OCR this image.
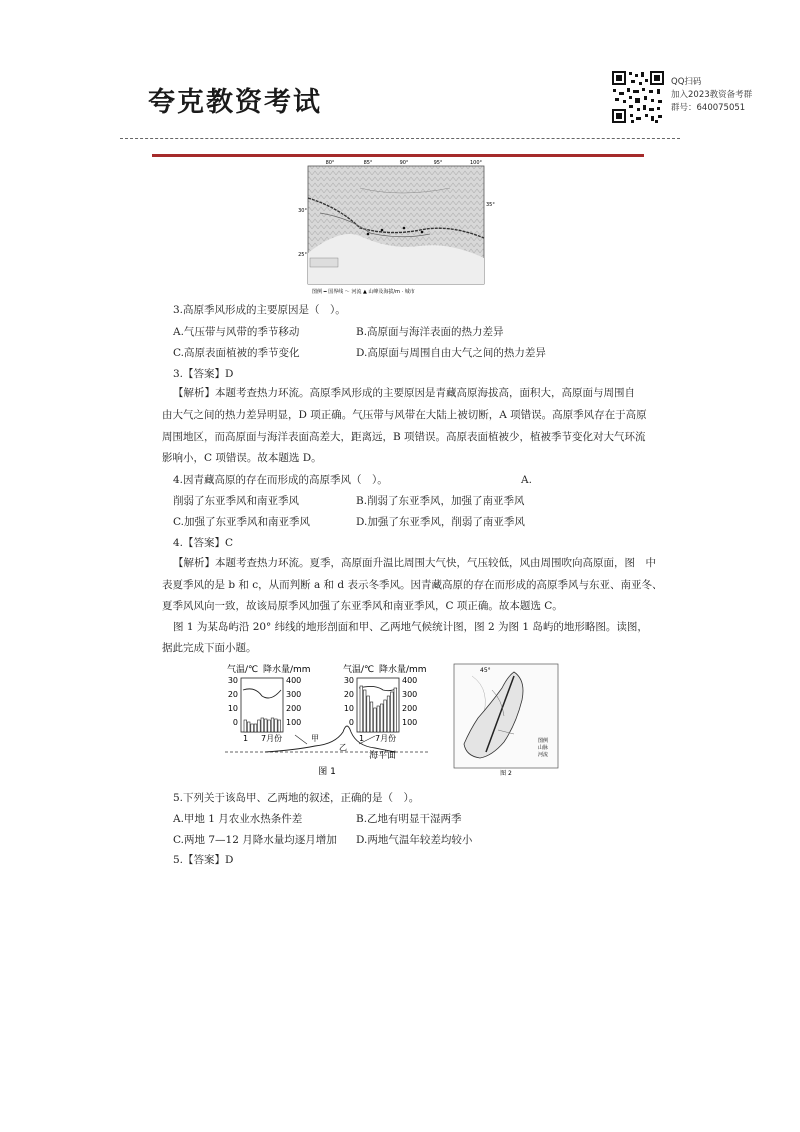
夸克教资考试
QQ扫码
加入2023教资备考群
群号：640075051
80°	85°	90°	95°	100°
30°
25°
35°
图例 ━ 国界线 ～ 河流 ▲ 山峰及海拔/m · 城市
3.高原季风形成的主要原因是（　）。
A.气压带与风带的季节移动	B.高原面与海洋表面的热力差异
C.高原表面植被的季节变化	D.高原面与周围自由大气之间的热力差异
3.【答案】D
【解析】本题考查热力环流。高原季风形成的主要原因是青藏高原海拔高，面积大，高原面与周围自
由大气之间的热力差异明显，D 项正确。气压带与风带在大陆上被切断，A 项错误。高原季风存在于高原
周围地区，而高原面与海洋表面高差大，距离远，B 项错误。高原表面植被少，植被季节变化对大气环流
影响小，C 项错误。故本题选 D。
4.因青藏高原的存在而形成的高原季风（　）。	A.
削弱了东亚季风和南亚季风	B.削弱了东亚季风，加强了南亚季风
C.加强了东亚季风和南亚季风	D.加强了东亚季风，削弱了南亚季风
4.【答案】C
【解析】本题考查热力环流。夏季，高原面升温比周围大气快，气压较低，风由周围吹向高原面，图　中
表夏季风的是 b 和 c，从而判断 a 和 d 表示冬季风。因青藏高原的存在而形成的高原季风与东亚、南亚冬、
夏季风风向一致，故该局原季风加强了东亚季风和南亚季风，C 项正确。故本题选 C。
图 1 为某岛屿沿 20° 纬线的地形剖面和甲、乙两地气候统计图，图 2 为图 1 岛屿的地形略图。读图，
据此完成下面小题。
气温/℃ 降水量/mm	气温/℃ 降水量/mm
30
20
10
0
400
300
200
100
1 7月份
30
20
10
0
400
300
200
100
1 7月份
甲
乙
海平面
图 1
45°
图例
山脉
河流
图 2
5.下列关于该岛甲、乙两地的叙述，正确的是（　）。
A.甲地 1 月农业水热条件差	B.乙地有明显干湿两季
C.两地 7—12 月降水量均逐月增加 D.两地气温年较差均较小
5.【答案】D
